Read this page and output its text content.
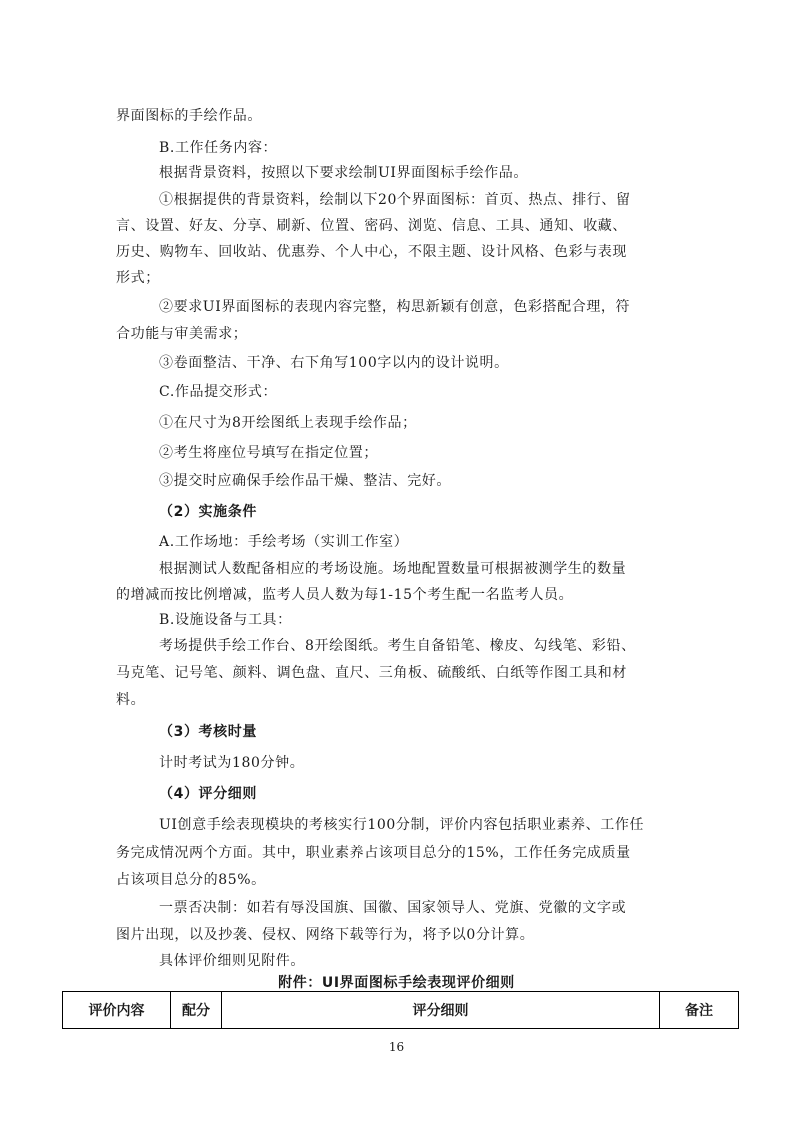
界面图标的手绘作品。
B.工作任务内容：
根据背景资料，按照以下要求绘制UI界面图标手绘作品。
①根据提供的背景资料，绘制以下20个界面图标：首页、热点、排行、留
言、设置、好友、分享、刷新、位置、密码、浏览、信息、工具、通知、收藏、
历史、购物车、回收站、优惠券、个人中心，不限主题、设计风格、色彩与表现
形式；
②要求UI界面图标的表现内容完整，构思新颖有创意，色彩搭配合理，符
合功能与审美需求；
③卷面整洁、干净、右下角写100字以内的设计说明。
C.作品提交形式：
①在尺寸为8开绘图纸上表现手绘作品；
②考生将座位号填写在指定位置；
③提交时应确保手绘作品干燥、整洁、完好。
（2）实施条件
A.工作场地：手绘考场（实训工作室）
根据测试人数配备相应的考场设施。场地配置数量可根据被测学生的数量
的增减而按比例增减，监考人员人数为每1-15个考生配一名监考人员。
B.设施设备与工具：
考场提供手绘工作台、8开绘图纸。考生自备铅笔、橡皮、勾线笔、彩铅、
马克笔、记号笔、颜料、调色盘、直尺、三角板、硫酸纸、白纸等作图工具和材
料。
（3）考核时量
计时考试为180分钟。
（4）评分细则
UI创意手绘表现模块的考核实行100分制，评价内容包括职业素养、工作任
务完成情况两个方面。其中，职业素养占该项目总分的15%，工作任务完成质量
占该项目总分的85%。
一票否决制：如若有辱没国旗、国徽、国家领导人、党旗、党徽的文字或
图片出现，以及抄袭、侵权、网络下载等行为，将予以0分计算。
具体评价细则见附件。
附件：UI界面图标手绘表现评价细则
评价内容	配分	评分细则	备注
16
